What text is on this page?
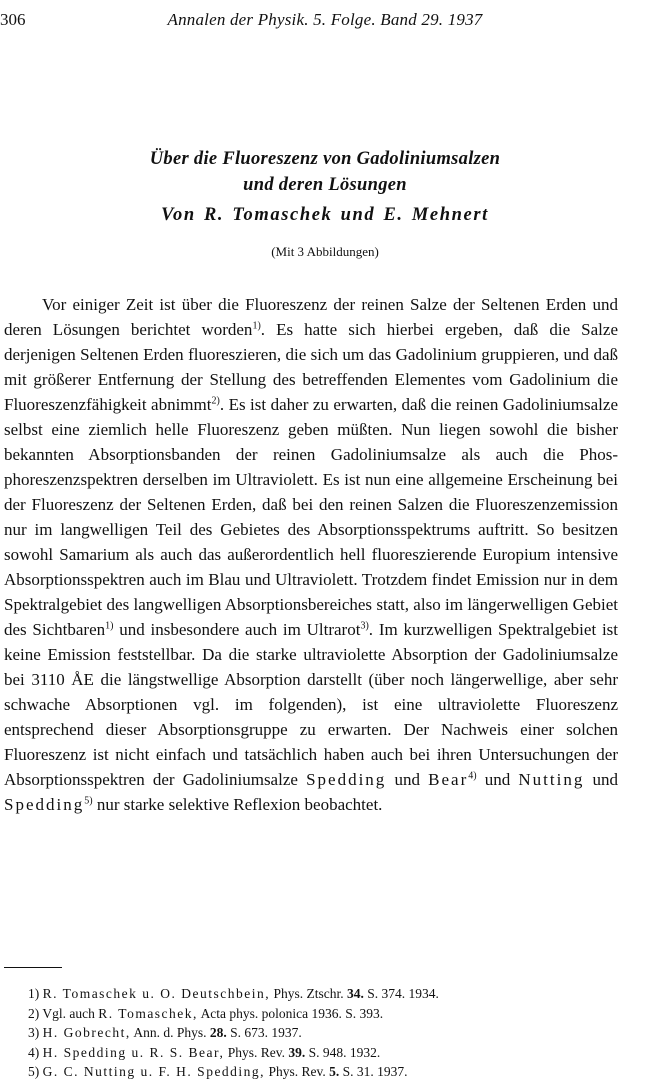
306	Annalen der Physik. 5. Folge. Band 29. 1937
Über die Fluoreszenz von Gadoliniumsalzen
und deren Lösungen
Von R. Tomaschek und E. Mehnert
(Mit 3 Abbildungen)
Vor einiger Zeit ist über die Fluoreszenz der reinen Salze der Seltenen Erden und deren Lösungen berichtet worden$^{1)}$. Es hatte sich hierbei ergeben, daß die Salze derjenigen Seltenen Erden fluoreszieren, die sich um das Gadolinium gruppieren, und daß mit größerer Entfernung der Stellung des betreffenden Elementes vom Gadolinium die Fluoreszenzfähigkeit abnimmt$^{2)}$. Es ist daher zu erwarten, daß die reinen Gadoliniumsalze selbst eine ziemlich helle Fluoreszenz geben müßten. Nun liegen sowohl die bisher bekannten Absorptionsbanden der reinen Gadoliniumsalze als auch die Phosphoreszenzspektren derselben im Ultraviolett. Es ist nun eine allgemeine Erscheinung bei der Fluoreszenz der Seltenen Erden, daß bei den reinen Salzen die Fluoreszenzemission nur im langwelligen Teil des Gebietes des Absorptionsspektrums auftritt. So besitzen sowohl Samarium als auch das außerordentlich hell fluoreszierende Europium intensive Absorptionsspektren auch im Blau und Ultraviolett. Trotzdem findet Emission nur in dem Spektralgebiet des langwelligen Absorptionsbereiches statt, also im längerwelligen Gebiet des Sichtbaren$^{1)}$ und insbesondere auch im Ultrarot$^{3)}$. Im kurzwelligen Spektralgebiet ist keine Emission feststellbar. Da die starke ultraviolette Absorption der Gadoliniumsalze bei 3110 ÅE die längstwellige Absorption darstellt (über noch längerwellige, aber sehr schwache Absorptionen vgl. im folgenden), ist eine ultraviolette Fluoreszenz entsprechend dieser Absorptionsgruppe zu erwarten. Der Nachweis einer solchen Fluoreszenz ist nicht einfach und tatsächlich haben auch bei ihren Untersuchungen der Absorptionsspektren der Gadoliniumsalze Spedding und Bear$^{4)}$ und Nutting und Spedding$^{5)}$ nur starke selektive Reflexion beobachtet.
1) R. Tomaschek u. O. Deutschbein, Phys. Ztschr. 34. S. 374. 1934.
2) Vgl. auch R. Tomaschek, Acta phys. polonica 1936. S. 393.
3) H. Gobrecht, Ann. d. Phys. 28. S. 673. 1937.
4) H. Spedding u. R. S. Bear, Phys. Rev. 39. S. 948. 1932.
5) G. C. Nutting u. F. H. Spedding, Phys. Rev. 5. S. 31. 1937.
